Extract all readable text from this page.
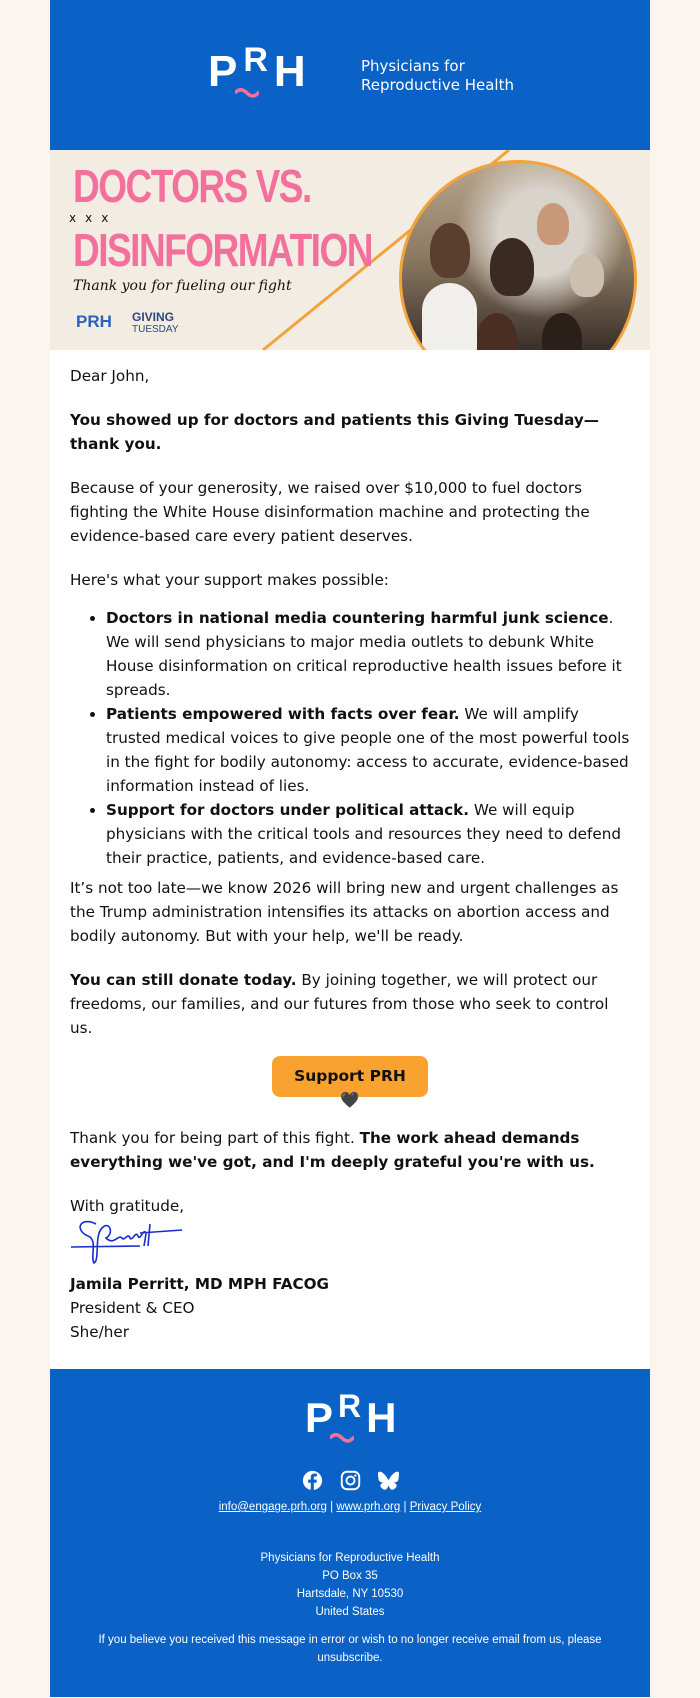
P R H	Physicians for
Reproductive Health
DOCTORS VS.
xxx
DISINFORMATION
Thank you for fueling our fight
PRH GIVING
TUESDAY

Dear John,

You showed up for doctors and patients this Giving Tuesday—thank you.

Because of your generosity, we raised over $10,000 to fuel doctors fighting the White House disinformation machine and protecting the evidence-based care every patient deserves.

Here's what your support makes possible:

• Doctors in national media countering harmful junk science. We will send physicians to major media outlets to debunk White House disinformation on critical reproductive health issues before it spreads.
• Patients empowered with facts over fear. We will amplify trusted medical voices to give people one of the most powerful tools in the fight for bodily autonomy: access to accurate, evidence-based information instead of lies.
• Support for doctors under political attack. We will equip physicians with the critical tools and resources they need to defend their practice, patients, and evidence-based care.

It’s not too late—we know 2026 will bring new and urgent challenges as the Trump administration intensifies its attacks on abortion access and bodily autonomy. But with your help, we'll be ready.

You can still donate today. By joining together, we will protect our freedoms, our families, and our futures from those who seek to control us.

Support PRH 🖤

Thank you for being part of this fight. The work ahead demands everything we've got, and I'm deeply grateful you're with us.

With gratitude,
Jamila Perritt, MD MPH FACOG
President & CEO
She/her
P R H
info@engage.prh.org | www.prh.org | Privacy Policy
Physicians for Reproductive Health
PO Box 35
Hartsdale, NY 10530
United States
If you believe you received this message in error or wish to no longer receive email from us, please unsubscribe.
